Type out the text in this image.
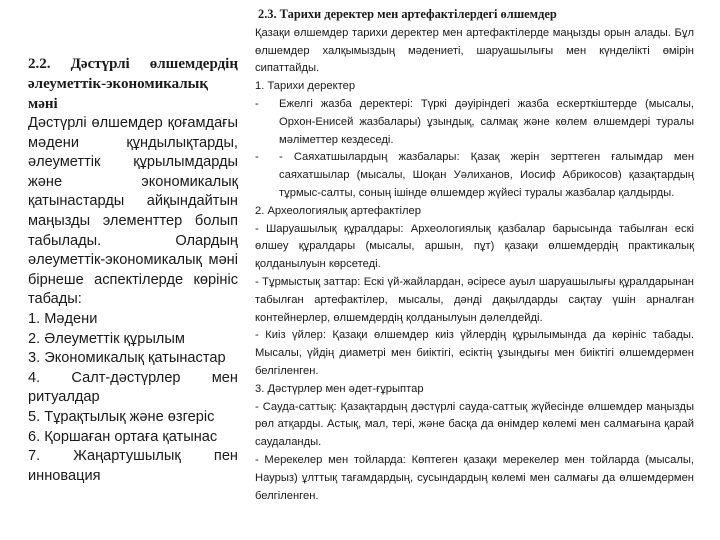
2.2. Дәстүрлі өлшемдердің әлеуметтік-экономикалық мәні

Дәстүрлі өлшемдер қоғамдағы мәдени құндылықтарды, әлеуметтік құрылымдарды және экономикалық қатынастарды айқындайтын маңызды элементтер болып табылады. Олардың әлеуметтік-экономикалық мәні бірнеше аспектілерде көрініс табады:

1. Мәдени
2. Әлеуметтік құрылым
3. Экономикалық қатынастар
4. Салт-дәстүрлер мен ритуалдар
5. Тұрақтылық және өзгеріс
6. Қоршаған ортаға қатынас
7. Жаңартушылық пен инновация

2.3. Тарихи деректер мен артефактілердегі өлшемдер

Қазақи өлшемдер тарихи деректер мен артефактілерде маңызды орын алады. Бұл өлшемдер халқымыздың мәдениеті, шаруашылығы мен күнделікті өмірін сипаттайды.

1. Тарихи деректер

-	Ежелгі жазба деректері: Түркі дәуіріндегі жазба ескерткіштерде (мысалы, Орхон-Енисей жазбалары) ұзындық, салмақ және көлем өлшемдері туралы мәліметтер кездеседі.
-	- Саяхатшылардың жазбалары: Қазақ жерін зерттеген ғалымдар мен саяхатшылар (мысалы, Шоқан Уәлиханов, Иосиф Абрикосов) қазақтардың тұрмыс-салты, соның ішінде өлшемдер жүйесі туралы жазбалар қалдырды.

2. Археологиялық артефактілер

- Шаруашылық құралдары: Археологиялық қазбалар барысында табылған ескі өлшеу құралдары (мысалы, аршын, пұт) қазақи өлшемдердің практикалық қолданылуын көрсетеді.

- Тұрмыстық заттар: Ескі үй-жайлардан, әсіресе ауыл шаруашылығы құралдарынан табылған артефактілер, мысалы, дәнді дақылдарды сақтау үшін арналған контейнерлер, өлшемдердің қолданылуын дәлелдейді.

- Киіз үйлер: Қазақи өлшемдер киіз үйлердің құрылымында да көрініс табады. Мысалы, үйдің диаметрі мен биіктігі, есіктің ұзындығы мен биіктігі өлшемдермен белгіленген.

3. Дәстүрлер мен әдет-ғұрыптар

- Сауда-саттық: Қазақтардың дәстүрлі сауда-саттық жүйесінде өлшемдер маңызды рөл атқарды. Астық, мал, тері, және басқа да өнімдер көлемі мен салмағына қарай саудаланды.

- Мерекелер мен тойларда: Көптеген қазақи мерекелер мен тойларда (мысалы, Наурыз) ұлттық тағамдардың, сусындардың көлемі мен салмағы да өлшемдермен белгіленген.
